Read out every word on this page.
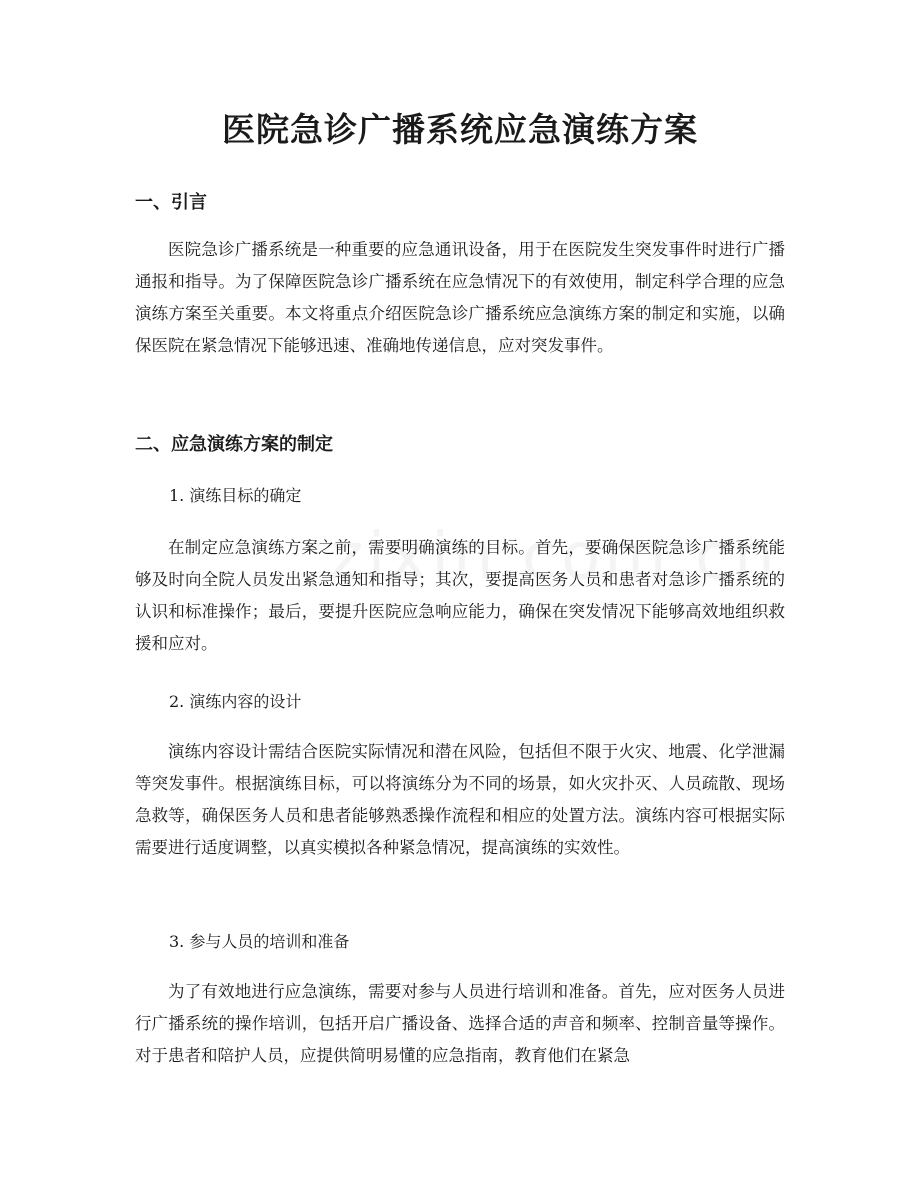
医院急诊广播系统应急演练方案
一、引言

医院急诊广播系统是一种重要的应急通讯设备，用于在医院发生突发事件时进行广播通报和指导。为了保障医院急诊广播系统在应急情况下的有效使用，制定科学合理的应急演练方案至关重要。本文将重点介绍医院急诊广播系统应急演练方案的制定和实施，以确保医院在紧急情况下能够迅速、准确地传递信息，应对突发事件。

二、应急演练方案的制定
1. 演练目标的确定

在制定应急演练方案之前，需要明确演练的目标。首先，要确保医院急诊广播系统能够及时向全院人员发出紧急通知和指导；其次，要提高医务人员和患者对急诊广播系统的认识和标准操作；最后，要提升医院应急响应能力，确保在突发情况下能够高效地组织救援和应对。

2. 演练内容的设计

演练内容设计需结合医院实际情况和潜在风险，包括但不限于火灾、地震、化学泄漏等突发事件。根据演练目标，可以将演练分为不同的场景，如火灾扑灭、人员疏散、现场急救等，确保医务人员和患者能够熟悉操作流程和相应的处置方法。演练内容可根据实际需要进行适度调整，以真实模拟各种紧急情况，提高演练的实效性。

3. 参与人员的培训和准备

为了有效地进行应急演练，需要对参与人员进行培训和准备。首先，应对医务人员进行广播系统的操作培训，包括开启广播设备、选择合适的声音和频率、控制音量等操作。对于患者和陪护人员，应提供简明易懂的应急指南，教育他们在紧急
